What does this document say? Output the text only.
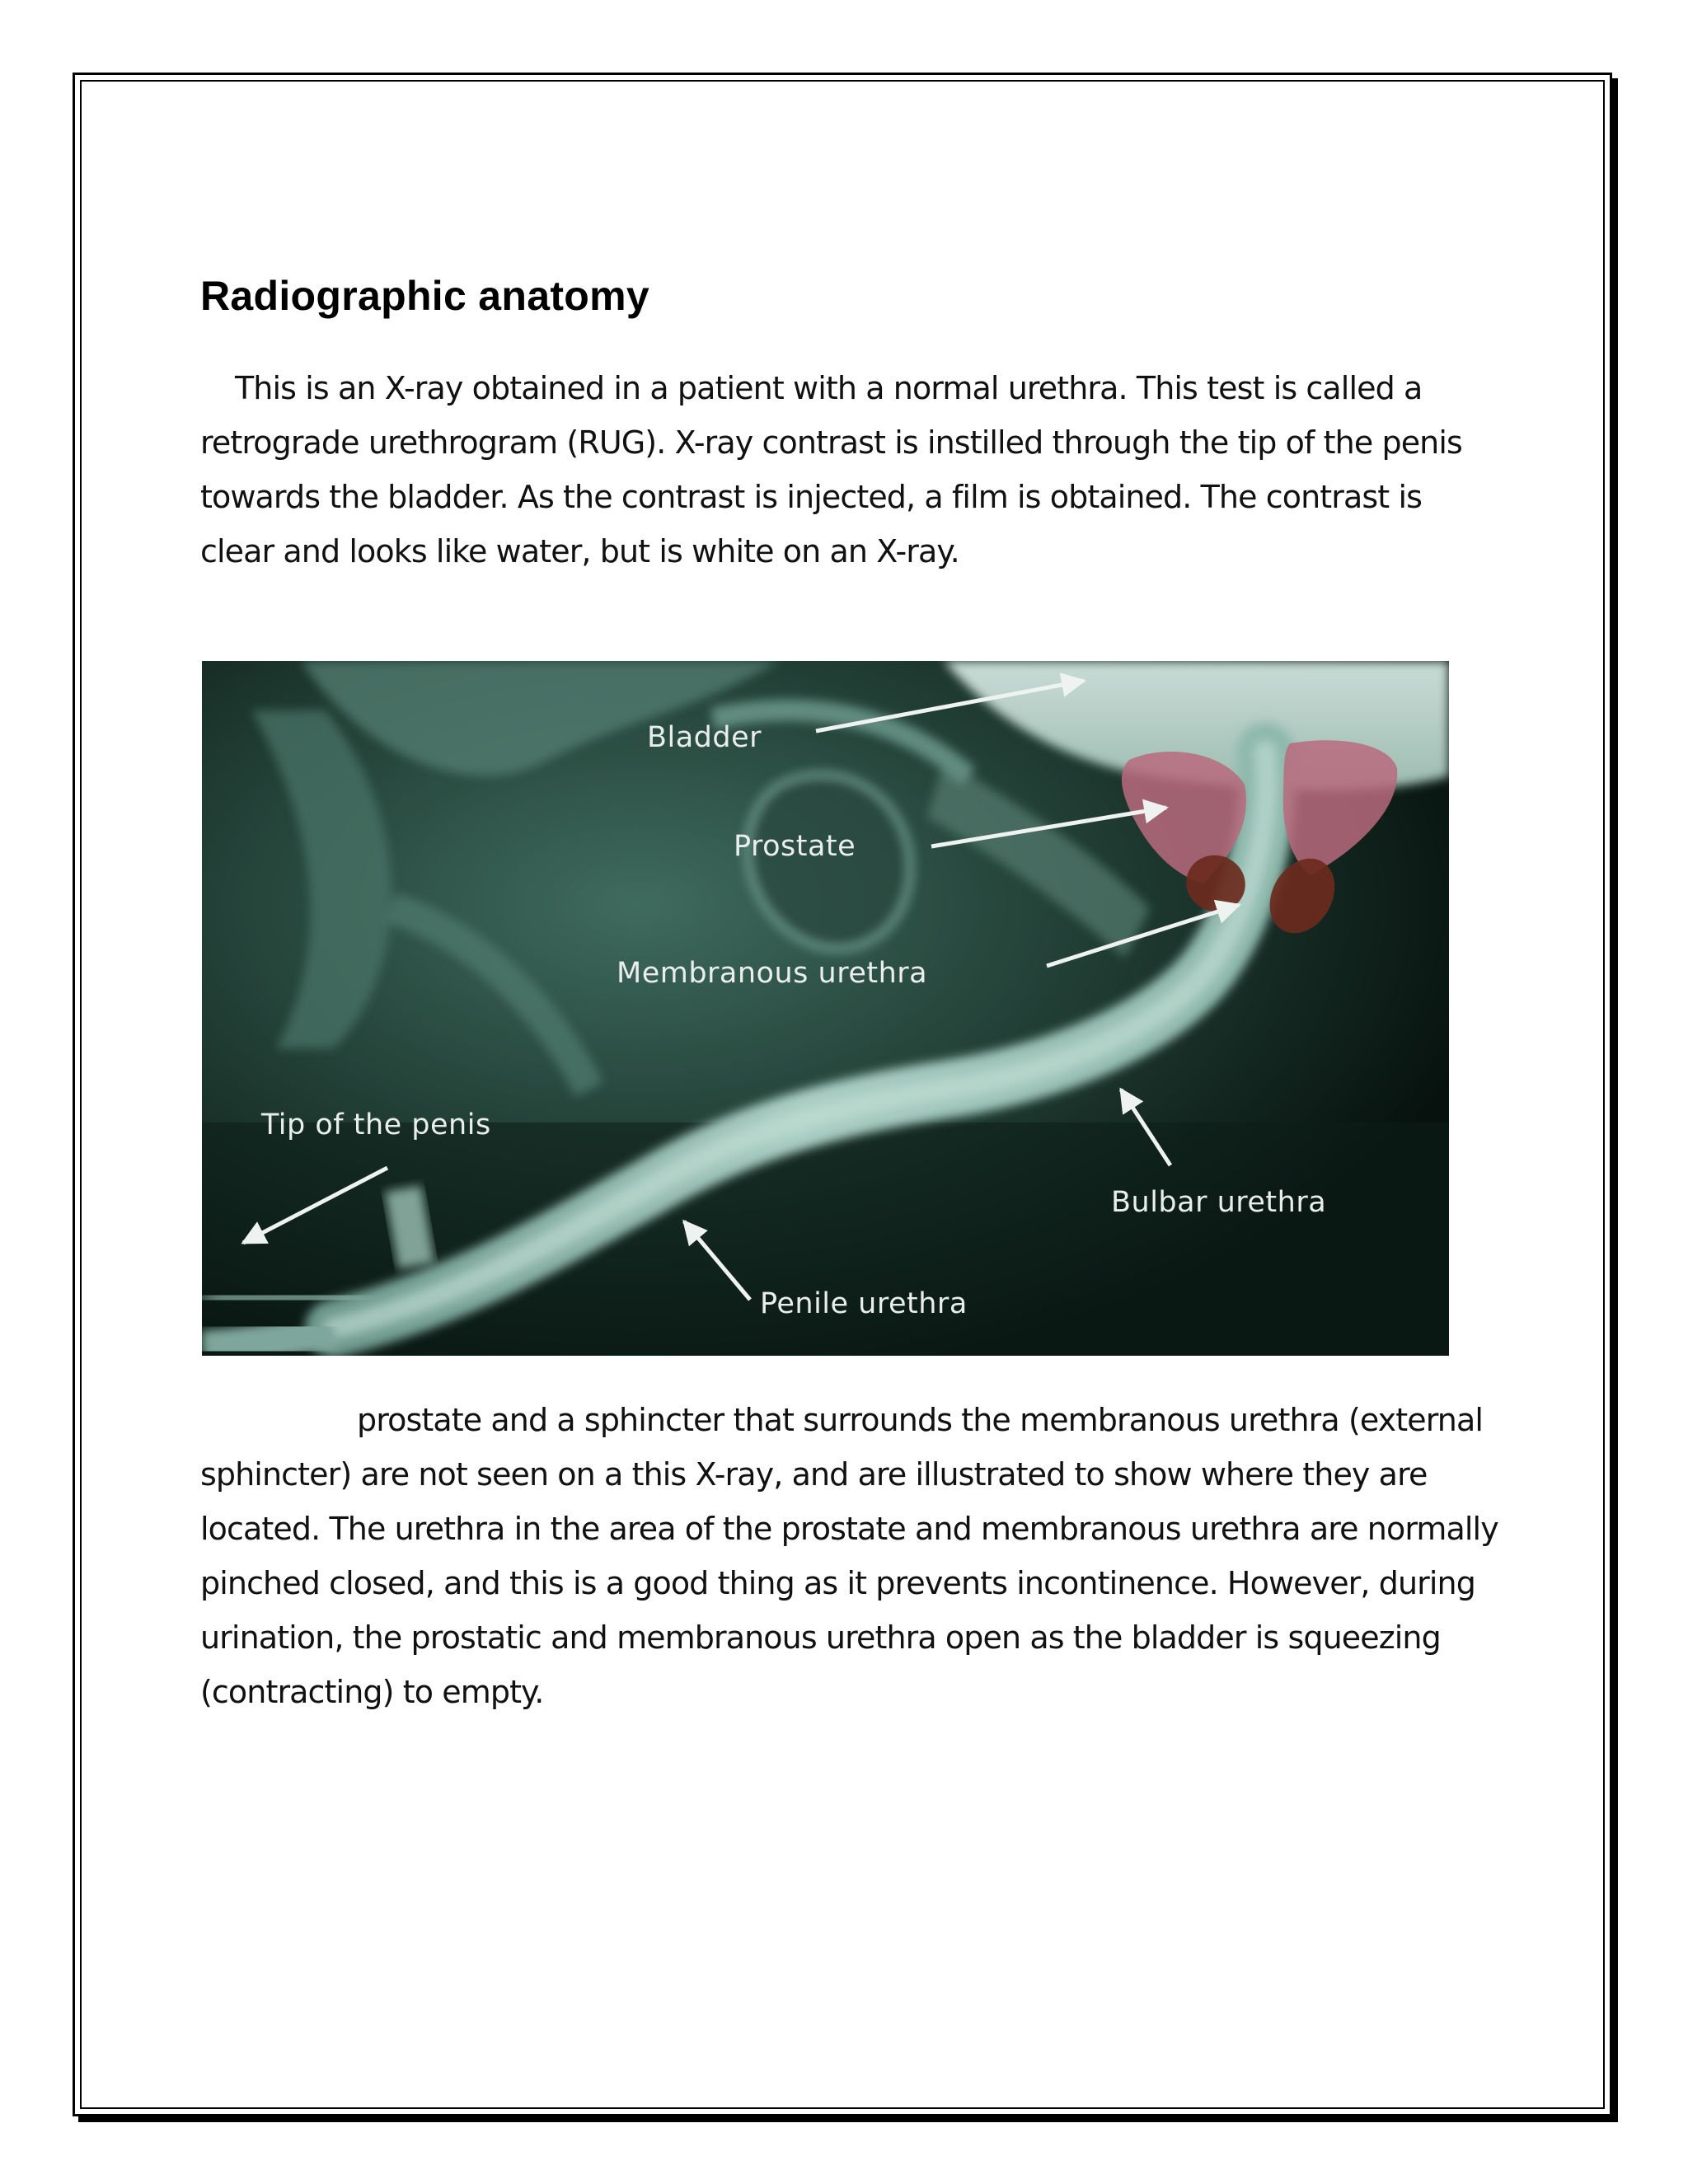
Radiographic anatomy

This is an X-ray obtained in a patient with a normal urethra. This test is called a retrograde urethrogram (RUG). X-ray contrast is instilled through the tip of the penis towards the bladder. As the contrast is injected, a film is obtained. The contrast is clear and looks like water, but is white on an X-ray.

Bladder
Prostate
Membranous urethra
Tip of the penis
Bulbar urethra
Penile urethra

prostate and a sphincter that surrounds the membranous urethra (external sphincter) are not seen on a this X-ray, and are illustrated to show where they are located. The urethra in the area of the prostate and membranous urethra are normally pinched closed, and this is a good thing as it prevents incontinence. However, during urination, the prostatic and membranous urethra open as the bladder is squeezing (contracting) to empty.
